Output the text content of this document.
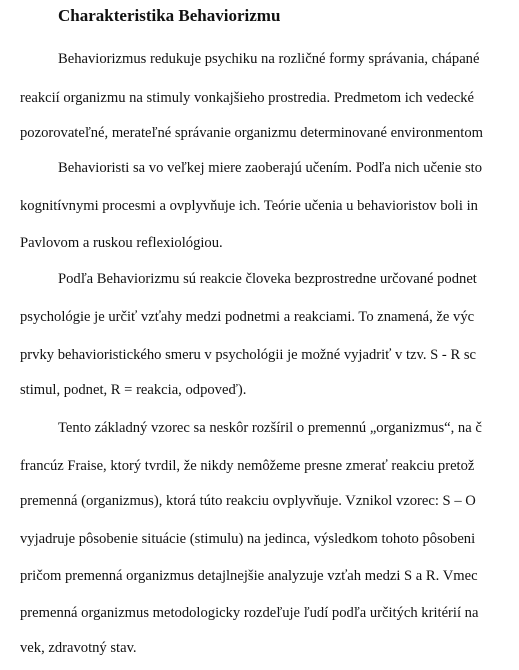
Charakteristika Behaviorizmu
Behaviorizmus redukuje psychiku na rozličné formy správania, chápané
reakcií organizmu na stimuly vonkajšieho prostredia. Predmetom ich vedecké
pozorovateľné, merateľné správanie organizmu determinované environmentom
Behavioristi sa vo veľkej miere zaoberajú učením. Podľa nich učenie sto
kognitívnymi procesmi a ovplyvňuje ich. Teórie učenia u behavioristov boli in
Pavlovom a ruskou reflexiológiou.
Podľa Behaviorizmu sú reakcie človeka bezprostredne určované podnet
psychológie je určiť vzťahy medzi podnetmi a reakciami. To znamená, že výc
prvky behavioristického smeru v psychológii je možné vyjadriť v tzv. S - R sc
stimul, podnet, R = reakcia, odpoveď).
Tento základný vzorec sa neskôr rozšíril o premennú „organizmus“, na č
francúz Fraise, ktorý tvrdil, že nikdy nemôžeme presne zmerať reakciu pretož
premenná (organizmus), ktorá túto reakciu ovplyvňuje. Vznikol vzorec: S – O
vyjadruje pôsobenie situácie (stimulu) na jedinca, výsledkom tohoto pôsobeni
pričom premenná organizmus detajlnejšie analyzuje vzťah medzi S a R. Vmec
premenná organizmus metodologicky rozdeľuje ľudí podľa určitých kritérií na
vek, zdravotný stav.
